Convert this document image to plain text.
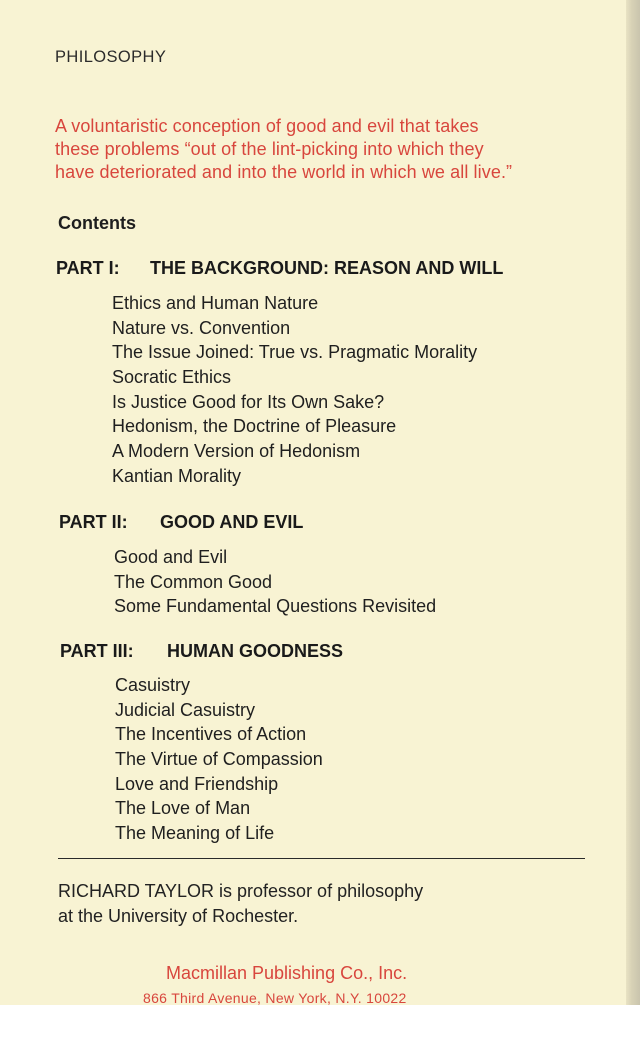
PHILOSOPHY
A voluntaristic conception of good and evil that takes
these problems “out of the lint-picking into which they
have deteriorated and into the world in which we all live.”
Contents
PART I: THE BACKGROUND: REASON AND WILL
Ethics and Human Nature
Nature vs. Convention
The Issue Joined: True vs. Pragmatic Morality
Socratic Ethics
Is Justice Good for Its Own Sake?
Hedonism, the Doctrine of Pleasure
A Modern Version of Hedonism
Kantian Morality
PART II: GOOD AND EVIL
Good and Evil
The Common Good
Some Fundamental Questions Revisited
PART III: HUMAN GOODNESS
Casuistry
Judicial Casuistry
The Incentives of Action
The Virtue of Compassion
Love and Friendship
The Love of Man
The Meaning of Life
RICHARD TAYLOR is professor of philosophy
at the University of Rochester.
Macmillan Publishing Co., Inc.
866 Third Avenue, New York, N.Y. 10022
